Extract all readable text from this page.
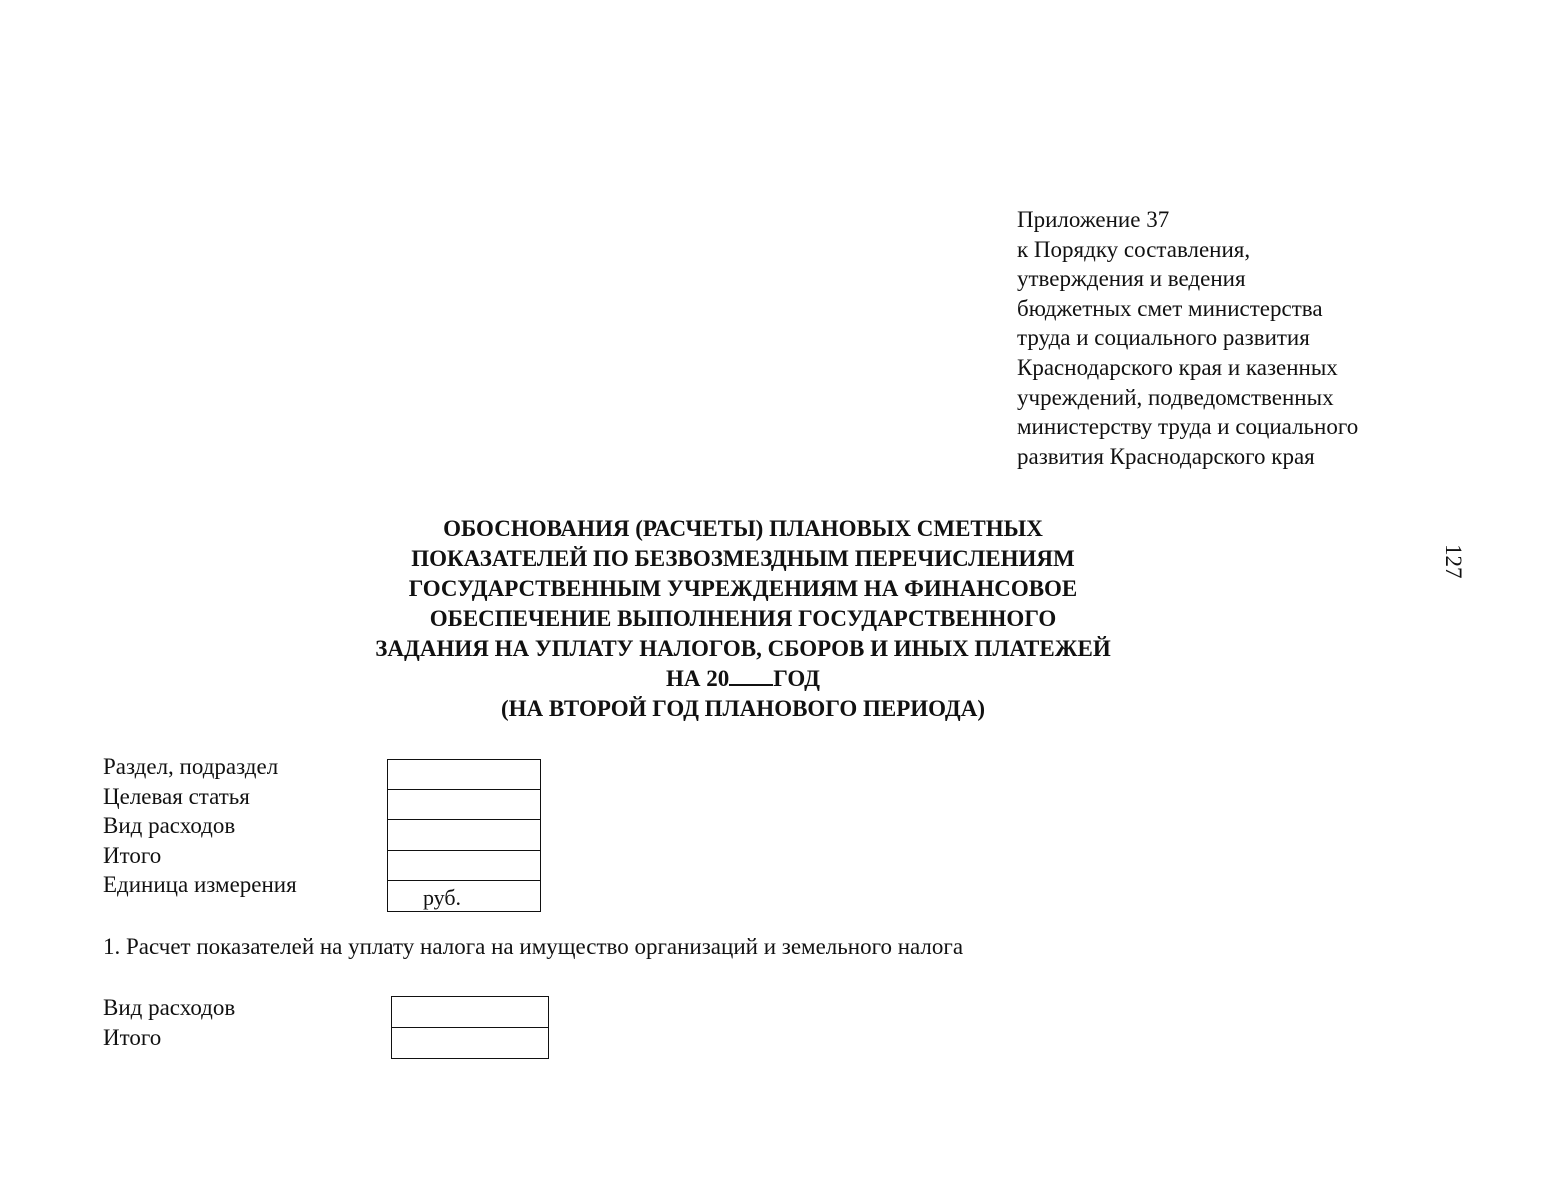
Приложение 37
к Порядку составления,
утверждения и ведения
бюджетных смет министерства
труда и социального развития
Краснодарского края и казенных
учреждений, подведомственных
министерству труда и социального
развития Краснодарского края
127
ОБОСНОВАНИЯ (РАСЧЕТЫ) ПЛАНОВЫХ СМЕТНЫХ
ПОКАЗАТЕЛЕЙ ПО БЕЗВОЗМЕЗДНЫМ ПЕРЕЧИСЛЕНИЯМ
ГОСУДАРСТВЕННЫМ УЧРЕЖДЕНИЯМ НА ФИНАНСОВОЕ
ОБЕСПЕЧЕНИЕ ВЫПОЛНЕНИЯ ГОСУДАРСТВЕННОГО
ЗАДАНИЯ НА УПЛАТУ НАЛОГОВ, СБОРОВ И ИНЫХ ПЛАТЕЖЕЙ
НА 20 ГОД
(НА ВТОРОЙ ГОД ПЛАНОВОГО ПЕРИОДА)
Раздел, подраздел
Целевая статья
Вид расходов
Итого
Единица измерения
руб.
1. Расчет показателей на уплату налога на имущество организаций и земельного налога
Вид расходов
Итого
